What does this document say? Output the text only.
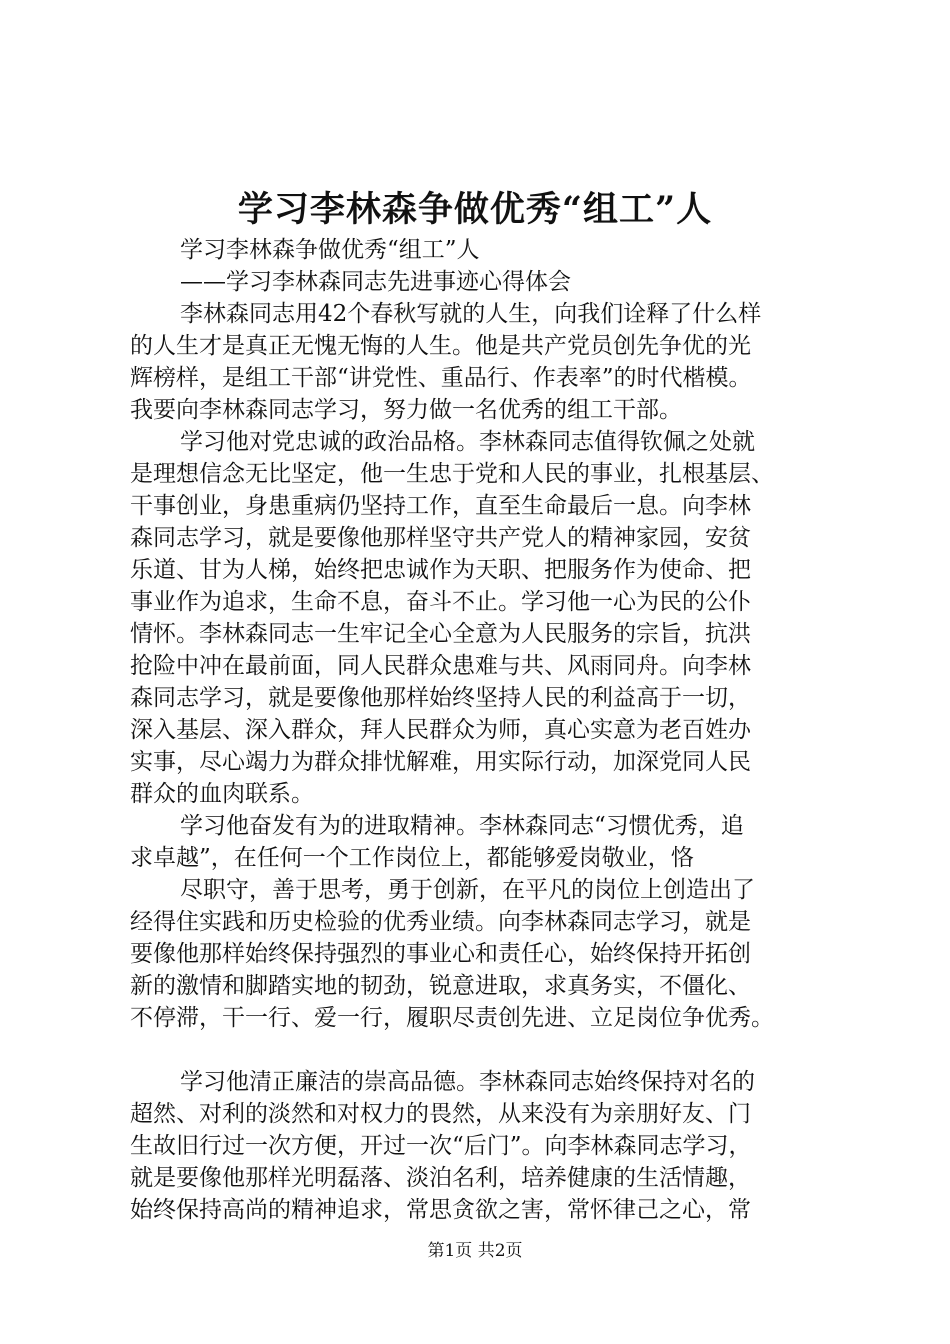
学习李林森争做优秀“组工”人
学习李林森争做优秀“组工”人
——学习李林森同志先进事迹心得体会
李林森同志用42个春秋写就的人生，向我们诠释了什么样
的人生才是真正无愧无悔的人生。他是共产党员创先争优的光
辉榜样，是组工干部“讲党性、重品行、作表率”的时代楷模。
我要向李林森同志学习，努力做一名优秀的组工干部。
学习他对党忠诚的政治品格。李林森同志值得钦佩之处就
是理想信念无比坚定，他一生忠于党和人民的事业，扎根基层、
干事创业，身患重病仍坚持工作，直至生命最后一息。向李林
森同志学习，就是要像他那样坚守共产党人的精神家园，安贫
乐道、甘为人梯，始终把忠诚作为天职、把服务作为使命、把
事业作为追求，生命不息，奋斗不止。学习他一心为民的公仆
情怀。李林森同志一生牢记全心全意为人民服务的宗旨，抗洪
抢险中冲在最前面，同人民群众患难与共、风雨同舟。向李林
森同志学习，就是要像他那样始终坚持人民的利益高于一切，
深入基层、深入群众，拜人民群众为师，真心实意为老百姓办
实事，尽心竭力为群众排忧解难，用实际行动，加深党同人民
群众的血肉联系。
学习他奋发有为的进取精神。李林森同志“习惯优秀，追
求卓越”，在任何一个工作岗位上，都能够爱岗敬业，恪
尽职守，善于思考，勇于创新，在平凡的岗位上创造出了
经得住实践和历史检验的优秀业绩。向李林森同志学习，就是
要像他那样始终保持强烈的事业心和责任心，始终保持开拓创
新的激情和脚踏实地的韧劲，锐意进取，求真务实，不僵化、
不停滞，干一行、爱一行，履职尽责创先进、立足岗位争优秀。
学习他清正廉洁的崇高品德。李林森同志始终保持对名的
超然、对利的淡然和对权力的畏然，从来没有为亲朋好友、门
生故旧行过一次方便，开过一次“后门”。向李林森同志学习，
就是要像他那样光明磊落、淡泊名利，培养健康的生活情趣，
始终保持高尚的精神追求，常思贪欲之害，常怀律己之心，常
第1页 共2页
